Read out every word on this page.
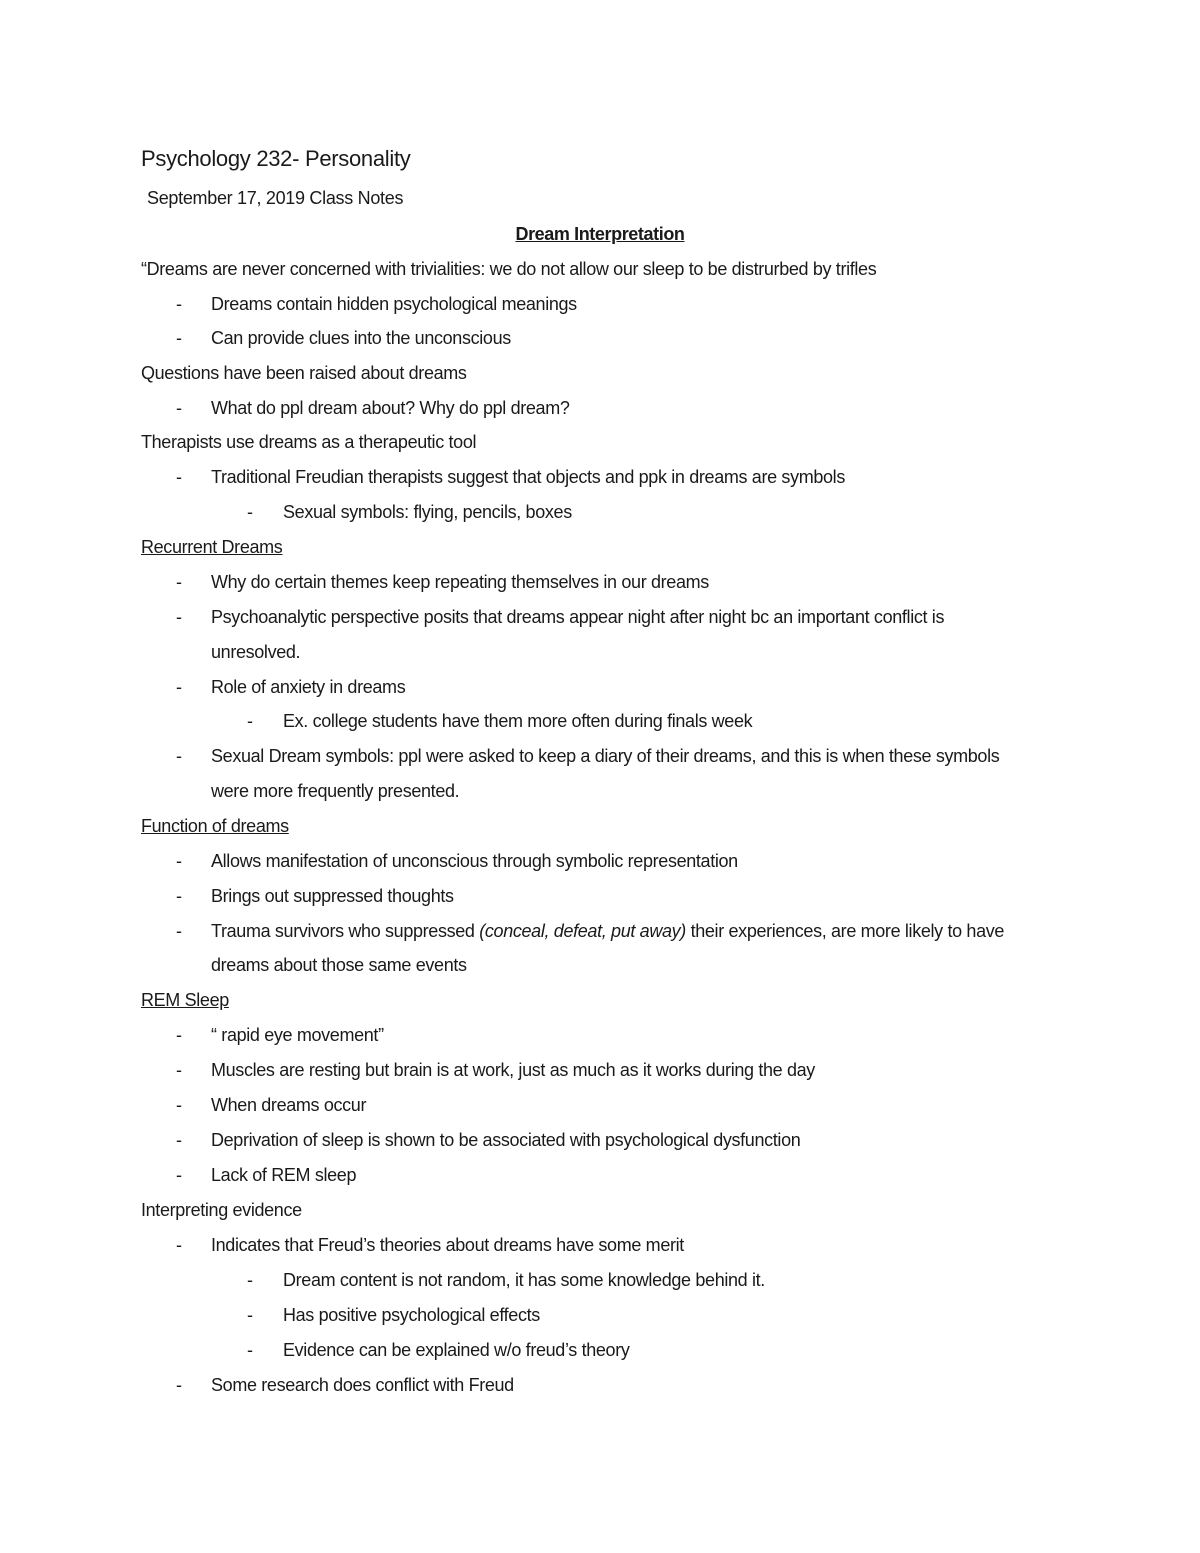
Psychology 232- Personality
September 17, 2019 Class Notes
Dream Interpretation
“Dreams are never concerned with trivialities: we do not allow our sleep to be distrurbed by trifles
- Dreams contain hidden psychological meanings
- Can provide clues into the unconscious
Questions have been raised about dreams
- What do ppl dream about? Why do ppl dream?
Therapists use dreams as a therapeutic tool
- Traditional Freudian therapists suggest that objects and ppk in dreams are symbols
- Sexual symbols: flying, pencils, boxes
Recurrent Dreams
- Why do certain themes keep repeating themselves in our dreams
- Psychoanalytic perspective posits that dreams appear night after night bc an important conflict is
unresolved.
- Role of anxiety in dreams
- Ex. college students have them more often during finals week
- Sexual Dream symbols: ppl were asked to keep a diary of their dreams, and this is when these symbols
were more frequently presented.
Function of dreams
- Allows manifestation of unconscious through symbolic representation
- Brings out suppressed thoughts
- Trauma survivors who suppressed (conceal, defeat, put away) their experiences, are more likely to have
dreams about those same events
REM Sleep
- “ rapid eye movement”
- Muscles are resting but brain is at work, just as much as it works during the day
- When dreams occur
- Deprivation of sleep is shown to be associated with psychological dysfunction
- Lack of REM sleep
Interpreting evidence
- Indicates that Freud’s theories about dreams have some merit
- Dream content is not random, it has some knowledge behind it.
- Has positive psychological effects
- Evidence can be explained w/o freud’s theory
- Some research does conflict with Freud
